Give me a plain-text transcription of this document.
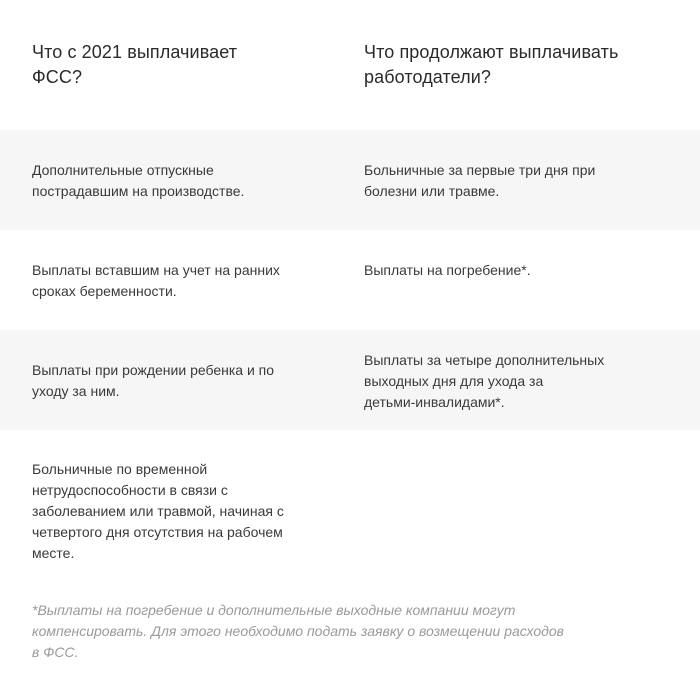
Что с 2021 выплачивает
ФСС?
Что продолжают выплачивать
работодатели?
Дополнительные отпускные
пострадавшим на производстве.
Больничные за первые три дня при
болезни или травме.
Выплаты вставшим на учет на ранних
сроках беременности.
Выплаты на погребение*.
Выплаты при рождении ребенка и по
уходу за ним.
Выплаты за четыре дополнительных
выходных дня для ухода за
детьми-инвалидами*.
Больничные по временной
нетрудоспособности в связи с
заболеванием или травмой, начиная с
четвертого дня отсутствия на рабочем
месте.
*Выплаты на погребение и дополнительные выходные компании могут
компенсировать. Для этого необходимо подать заявку о возмещении расходов
в ФСС.
